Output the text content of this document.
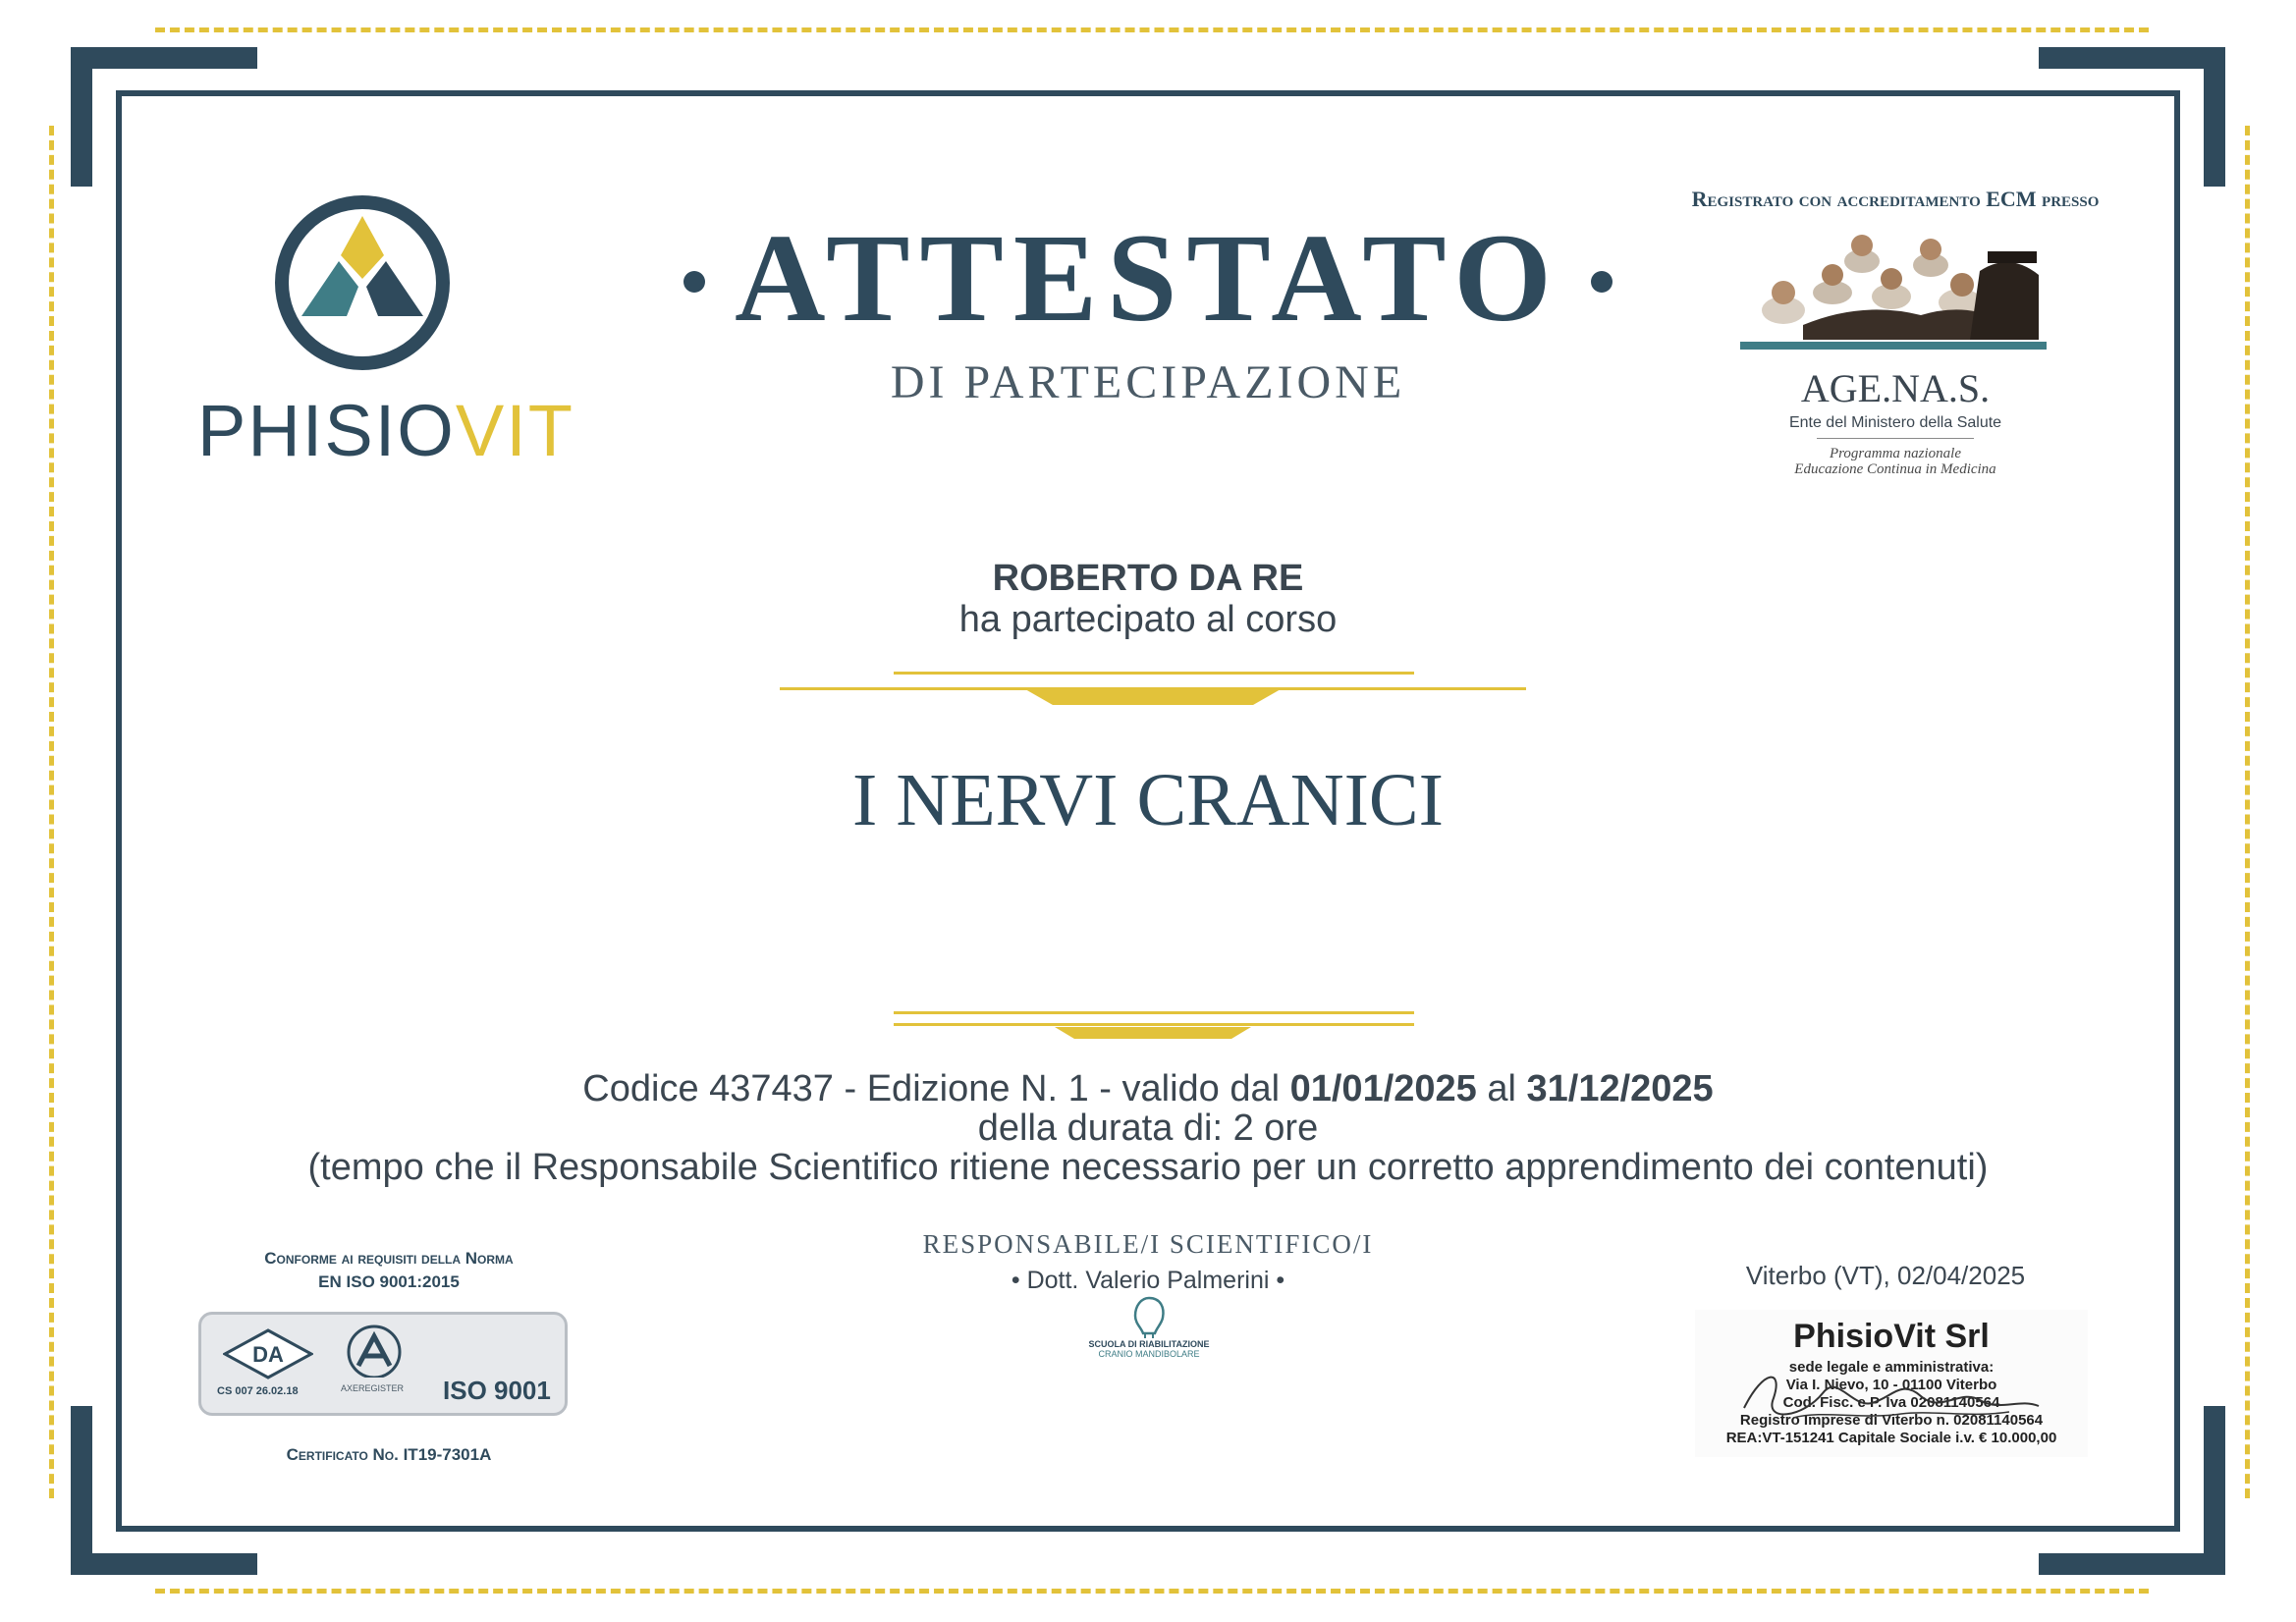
PHISIOVIT
ATTESTATO
DI PARTECIPAZIONE
Registrato con accreditamento ECM presso
AGE.NA.S.
Ente del Ministero della Salute
Programma nazionale
Educazione Continua in Medicina
ROBERTO DA RE
ha partecipato al corso
I NERVI CRANICI
Codice 437437 - Edizione N. 1 - valido dal 01/01/2025 al 31/12/2025
della durata di: 2 ore
(tempo che il Responsabile Scientifico ritiene necessario per un corretto apprendimento dei contenuti)
RESPONSABILE/I SCIENTIFICO/I
• Dott. Valerio Palmerini •
SCUOLA DI RIABILITAZIONE
CRANIO MANDIBOLARE
Conforme ai requisiti della Norma
EN ISO 9001:2015
DA
CS 007 26.02.18	AXEREGISTER ISO 9001
Certificato No. IT19-7301A
Viterbo (VT), 02/04/2025
PhisioVit Srl
sede legale e amministrativa:
Via I. Nievo, 10 - 01100 Viterbo
Cod. Fisc. e P. Iva 02081140564
Registro Imprese di Viterbo n. 02081140564
REA:VT-151241 Capitale Sociale i.v. € 10.000,00
